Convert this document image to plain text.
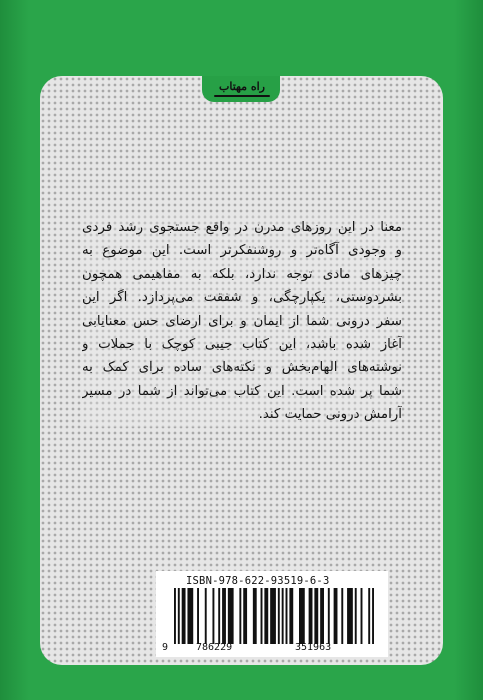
راه مهتاب
معنا در این روزهای مدرن در واقع جستجوی رشد فردی
و وجودی آگاه‌تر و روشنفکرتر است. این موضوع به
چیزهای مادی توجه ندارد، بلکه به مفاهیمی همچون
بشردوستی، یکپارچگی، و شفقت می‌پردازد. اگر این
سفر درونی شما از ایمان و برای ارضای حس معنایابی
آغاز شده باشد، این کتاب جیبی کوچک با جملات و
نوشته‌های الهام‌بخش و نکته‌های ساده برای کمک به
شما پر شده است. این کتاب می‌تواند از شما در مسیر
آرامش درونی حمایت کند.
ISBN-978-622-93519-6-3
9	786229	351963
